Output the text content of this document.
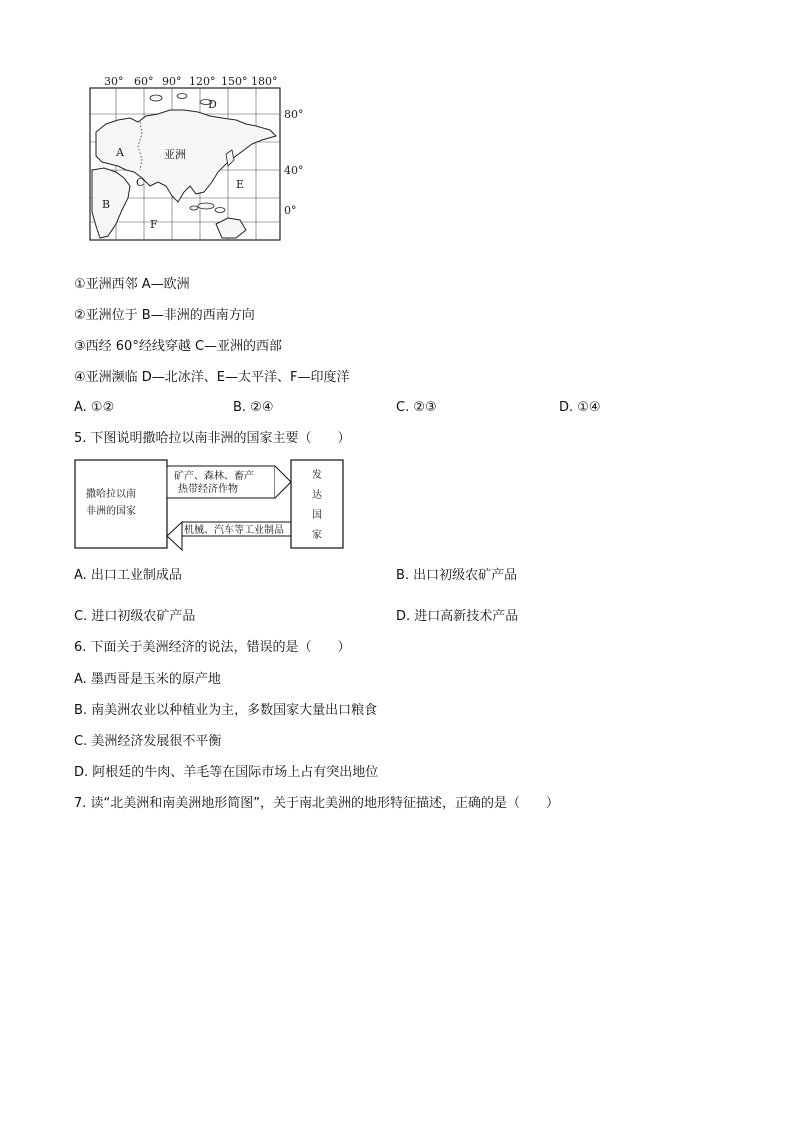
30° 60° 90° 120° 150° 180°
A
B
C
D
E
F
亚洲
80°
40°
0°
①亚洲西邻 A—欧洲
②亚洲位于 B—非洲的西南方向
③西经 60°经线穿越 C—亚洲的西部
④亚洲濒临 D—北冰洋、E—太平洋、F—印度洋
A. ①②	B. ②④	C. ②③	D. ①④
5. 下图说明撒哈拉以南非洲的国家主要（　　）
撒哈拉以南
非洲的国家
发
达
国
家
矿产、森林、畜产
热带经济作物
机械、汽车等工业制品
A. 出口工业制成品	B. 出口初级农矿产品
C. 进口初级农矿产品	D. 进口高新技术产品
6. 下面关于美洲经济的说法，错误的是（　　）
A. 墨西哥是玉米的原产地
B. 南美洲农业以种植业为主，多数国家大量出口粮食
C. 美洲经济发展很不平衡
D. 阿根廷的牛肉、羊毛等在国际市场上占有突出地位
7. 读“北美洲和南美洲地形简图”，关于南北美洲的地形特征描述，正确的是（　　）
